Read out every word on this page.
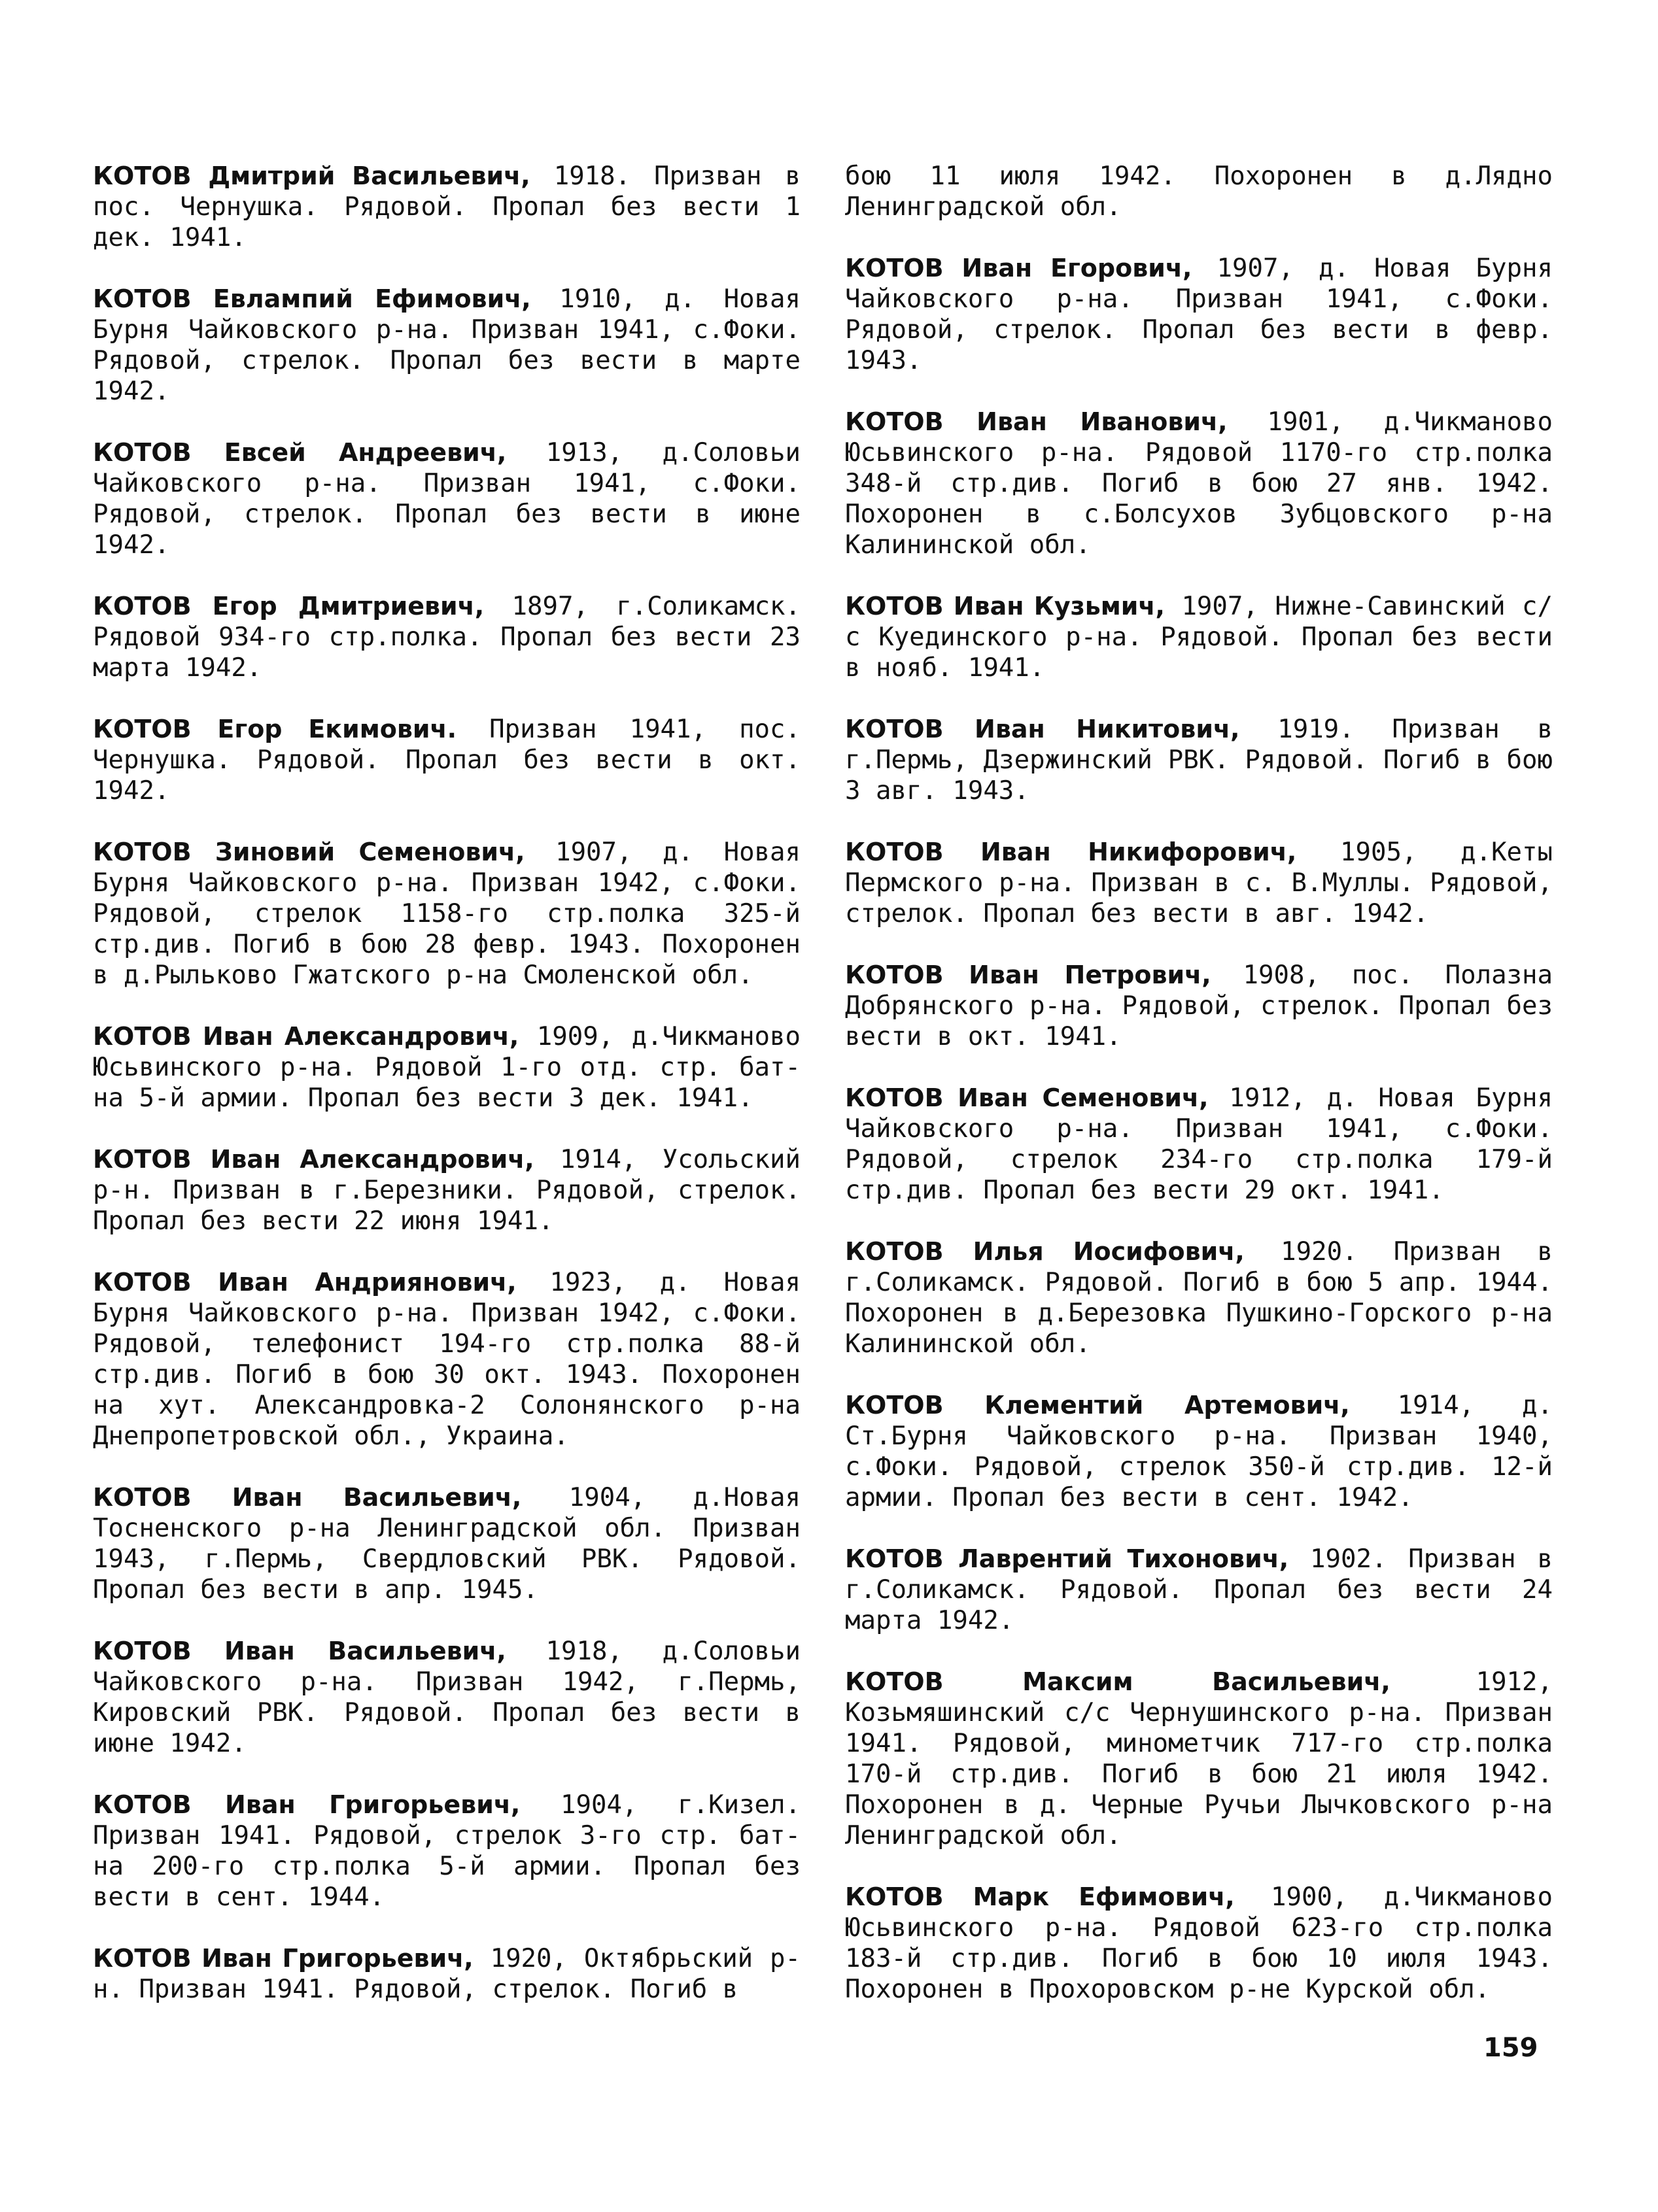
КОТОВ Дмитрий Васильевич, 1918. Призван в пос. Чернушка. Рядовой. Пропал без вести 1 дек. 1941.

КОТОВ Евлампий Ефимович, 1910, д. Новая Бурня Чайковского р-на. Призван 1941, с.Фоки. Рядовой, стрелок. Пропал без вести в марте 1942.

КОТОВ Евсей Андреевич, 1913, д.Соловьи Чайковского р-на. Призван 1941, с.Фоки. Рядовой, стрелок. Пропал без вести в июне 1942.

КОТОВ Егор Дмитриевич, 1897, г.Соликамск. Рядовой 934-го стр.полка. Пропал без вести 23 марта 1942.

КОТОВ Егор Екимович. Призван 1941, пос. Чернушка. Рядовой. Пропал без вести в окт. 1942.

КОТОВ Зиновий Семенович, 1907, д. Новая Бурня Чайковского р-на. Призван 1942, с.Фоки. Рядовой, стрелок 1158-го стр.полка 325-й стр.див. Погиб в бою 28 февр. 1943. Похоронен в д.Рыльково Гжатского р-на Смоленской обл.

КОТОВ Иван Александрович, 1909, д.Чикманово Юсьвинского р-на. Рядовой 1-го отд. стр. бат-на 5-й армии. Пропал без вести 3 дек. 1941.

КОТОВ Иван Александрович, 1914, Усольский р-н. Призван в г.Березники. Рядовой, стрелок. Пропал без вести 22 июня 1941.

КОТОВ Иван Андриянович, 1923, д. Новая Бурня Чайковского р-на. Призван 1942, с.Фоки. Рядовой, телефонист 194-го стр.полка 88-й стр.див. Погиб в бою 30 окт. 1943. Похоронен на хут. Александровка-2 Солонянского р-на Днепропетровской обл., Украина.

КОТОВ Иван Васильевич, 1904, д.Новая Тосненского р-на Ленинградской обл. Призван 1943, г.Пермь, Свердловский РВК. Рядовой. Пропал без вести в апр. 1945.

КОТОВ Иван Васильевич, 1918, д.Соловьи Чайковского р-на. Призван 1942, г.Пермь, Кировский РВК. Рядовой. Пропал без вести в июне 1942.

КОТОВ Иван Григорьевич, 1904, г.Кизел. Призван 1941. Рядовой, стрелок 3-го стр. бат-на 200-го стр.полка 5-й армии. Пропал без вести в сент. 1944.

КОТОВ Иван Григорьевич, 1920, Октябрьский р-н. Призван 1941. Рядовой, стрелок. Погиб в

бою 11 июля 1942. Похоронен в д.Лядно Ленинградской обл.

КОТОВ Иван Егорович, 1907, д. Новая Бурня Чайковского р-на. Призван 1941, с.Фоки. Рядовой, стрелок. Пропал без вести в февр. 1943.

КОТОВ Иван Иванович, 1901, д.Чикманово Юсьвинского р-на. Рядовой 1170-го стр.полка 348-й стр.див. Погиб в бою 27 янв. 1942. Похоронен в с.Болсухов Зубцовского р-на Калининской обл.

КОТОВ Иван Кузьмич, 1907, Нижне-Савинский с/с Куединского р-на. Рядовой. Пропал без вести в нояб. 1941.

КОТОВ Иван Никитович, 1919. Призван в г.Пермь, Дзержинский РВК. Рядовой. Погиб в бою 3 авг. 1943.

КОТОВ Иван Никифорович, 1905, д.Кеты Пермского р-на. Призван в с. В.Муллы. Рядовой, стрелок. Пропал без вести в авг. 1942.

КОТОВ Иван Петрович, 1908, пос. Полазна Добрянского р-на. Рядовой, стрелок. Пропал без вести в окт. 1941.

КОТОВ Иван Семенович, 1912, д. Новая Бурня Чайковского р-на. Призван 1941, с.Фоки. Рядовой, стрелок 234-го стр.полка 179-й стр.див. Пропал без вести 29 окт. 1941.

КОТОВ Илья Иосифович, 1920. Призван в г.Соликамск. Рядовой. Погиб в бою 5 апр. 1944. Похоронен в д.Березовка Пушкино-Горского р-на Калининской обл.

КОТОВ Клементий Артемович, 1914, д. Ст.Бурня Чайковского р-на. Призван 1940, с.Фоки. Рядовой, стрелок 350-й стр.див. 12-й армии. Пропал без вести в сент. 1942.

КОТОВ Лаврентий Тихонович, 1902. Призван в г.Соликамск. Рядовой. Пропал без вести 24 марта 1942.

КОТОВ Максим Васильевич, 1912, Козьмяшинский с/с Чернушинского р-на. Призван 1941. Рядовой, минометчик 717-го стр.полка 170-й стр.див. Погиб в бою 21 июля 1942. Похоронен в д. Черные Ручьи Лычковского р-на Ленинградской обл.

КОТОВ Марк Ефимович, 1900, д.Чикманово Юсьвинского р-на. Рядовой 623-го стр.полка 183-й стр.див. Погиб в бою 10 июля 1943. Похоронен в Прохоровском р-не Курской обл.

159
